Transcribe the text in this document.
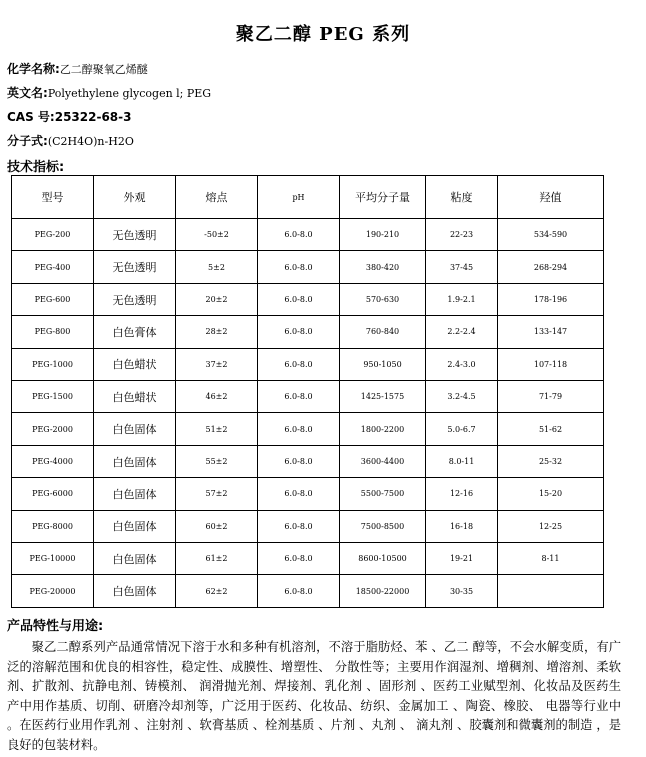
聚乙二醇 PEG 系列
化学名称:乙二醇聚氧乙烯醚
英文名:Polyethylene glycogen l; PEG
CAS 号:25322-68-3
分子式:(C2H4O)n-H2O
技术指标:
型号	外观	熔点	pH	平均分子量	粘度	羟值
PEG-200	无色透明	-50±2	6.0-8.0	190-210	22-23	534-590
PEG-400	无色透明	5±2	6.0-8.0	380-420	37-45	268-294
PEG-600	无色透明	20±2	6.0-8.0	570-630	1.9-2.1	178-196
PEG-800	白色膏体	28±2	6.0-8.0	760-840	2.2-2.4	133-147
PEG-1000	白色蜡状	37±2	6.0-8.0	950-1050	2.4-3.0	107-118
PEG-1500	白色蜡状	46±2	6.0-8.0	1425-1575	3.2-4.5	71-79
PEG-2000	白色固体	51±2	6.0-8.0	1800-2200	5.0-6.7	51-62
PEG-4000	白色固体	55±2	6.0-8.0	3600-4400	8.0-11	25-32
PEG-6000	白色固体	57±2	6.0-8.0	5500-7500	12-16	15-20
PEG-8000	白色固体	60±2	6.0-8.0	7500-8500	16-18	12-25
PEG-10000	白色固体	61±2	6.0-8.0	8600-10500	19-21	8-11
PEG-20000	白色固体	62±2	6.0-8.0	18500-22000	30-35	
产品特性与用途:
聚乙二醇系列产品通常情况下溶于水和多种有机溶剂，不溶于脂肪烃、苯 、乙二 醇等，不会水解变质，有广泛的溶解范围和优良的相容性，稳定性、成膜性、增塑性、 分散性等；主要用作润湿剂、增稠剂、增溶剂、柔软剂、扩散剂、抗静电剂、铸模剂、 润滑抛光剂、焊接剂、乳化剂 、固形剂 、医药工业赋型剂、化妆品及医药生产中用作基质、切削、研磨冷却剂等，广泛用于医药、化妆品、纺织、金属加工 、陶瓷、橡胶、 电器等行业中 。在医药行业用作乳剂 、注射剂 、软膏基质 、栓剂基质 、片剂 、丸剂 、 滴丸剂 、胶囊剂和微囊剂的制造 ，是良好的包装材料。
